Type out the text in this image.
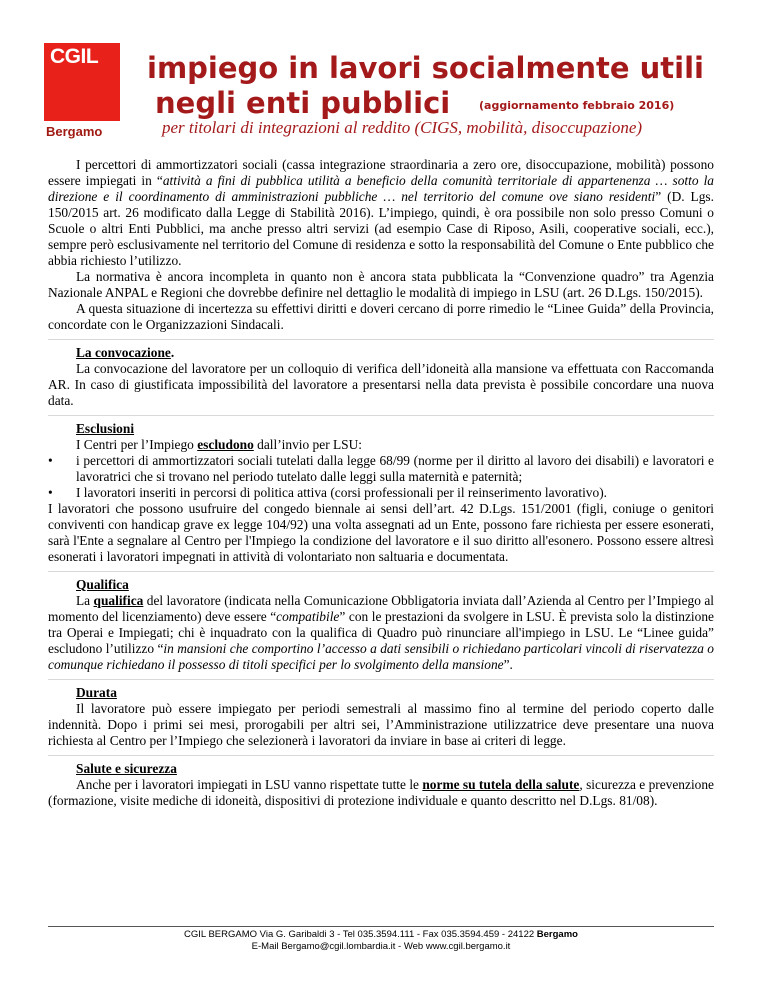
CGIL
Bergamo
impiego in lavori socialmente utili
negli enti pubblici	(aggiornamento febbraio 2016)
per titolari di integrazioni al reddito (CIGS, mobilità, disoccupazione)

I percettori di ammortizzatori sociali (cassa integrazione straordinaria a zero ore, disoccupazione, mobilità) possono essere impiegati in “attività a fini di pubblica utilità a beneficio della comunità territoriale di appartenenza … sotto la direzione e il coordinamento di amministrazioni pubbliche … nel territorio del comune ove siano residenti” (D. Lgs. 150/2015 art. 26 modificato dalla Legge di Stabilità 2016). L’impiego, quindi, è ora possibile non solo presso Comuni o Scuole o altri Enti Pubblici, ma anche presso altri servizi (ad esempio Case di Riposo, Asili, cooperative sociali, ecc.), sempre però esclusivamente nel territorio del Comune di residenza e sotto la responsabilità del Comune o Ente pubblico che abbia richiesto l’utilizzo.

La normativa è ancora incompleta in quanto non è ancora stata pubblicata la “Convenzione quadro” tra Agenzia Nazionale ANPAL e Regioni che dovrebbe definire nel dettaglio le modalità di impiego in LSU (art. 26 D.Lgs. 150/2015).

A questa situazione di incertezza su effettivi diritti e doveri cercano di porre rimedio le “Linee Guida” della Provincia, concordate con le Organizzazioni Sindacali.

La convocazione.

La convocazione del lavoratore per un colloquio di verifica dell’idoneità alla mansione va effettuata con Raccomanda AR. In caso di giustificata impossibilità del lavoratore a presentarsi nella data prevista è possibile concordare una nuova data.

Esclusioni

I Centri per l’Impiego escludono dall’invio per LSU:

• i percettori di ammortizzatori sociali tutelati dalla legge 68/99 (norme per il diritto al lavoro dei disabili) e lavoratori e lavoratrici che si trovano nel periodo tutelato dalle leggi sulla maternità e paternità;
• I lavoratori inseriti in percorsi di politica attiva (corsi professionali per il reinserimento lavorativo).

I lavoratori che possono usufruire del congedo biennale ai sensi dell’art. 42 D.Lgs. 151/2001 (figli, coniuge o genitori conviventi con handicap grave ex legge 104/92) una volta assegnati ad un Ente, possono fare richiesta per essere esonerati, sarà l'Ente a segnalare al Centro per l'Impiego la condizione del lavoratore e il suo diritto all'esonero. Possono essere altresì esonerati i lavoratori impegnati in attività di volontariato non saltuaria e documentata.

Qualifica

La qualifica del lavoratore (indicata nella Comunicazione Obbligatoria inviata dall’Azienda al Centro per l’Impiego al momento del licenziamento) deve essere “compatibile” con le prestazioni da svolgere in LSU. È prevista solo la distinzione tra Operai e Impiegati; chi è inquadrato con la qualifica di Quadro può rinunciare all'impiego in LSU. Le “Linee guida” escludono l’utilizzo “in mansioni che comportino l’accesso a dati sensibili o richiedano particolari vincoli di riservatezza o comunque richiedano il possesso di titoli specifici per lo svolgimento della mansione”.

Durata

Il lavoratore può essere impiegato per periodi semestrali al massimo fino al termine del periodo coperto dalle indennità. Dopo i primi sei mesi, prorogabili per altri sei, l’Amministrazione utilizzatrice deve presentare una nuova richiesta al Centro per l’Impiego che selezionerà i lavoratori da inviare in base ai criteri di legge.

Salute e sicurezza

Anche per i lavoratori impiegati in LSU vanno rispettate tutte le norme su tutela della salute, sicurezza e prevenzione (formazione, visite mediche di idoneità, dispositivi di protezione individuale e quanto descritto nel D.Lgs. 81/08).

CGIL BERGAMO Via G. Garibaldi 3 - Tel 035.3594.111 - Fax 035.3594.459 - 24122 Bergamo
E-Mail Bergamo@cgil.lombardia.it - Web www.cgil.bergamo.it
